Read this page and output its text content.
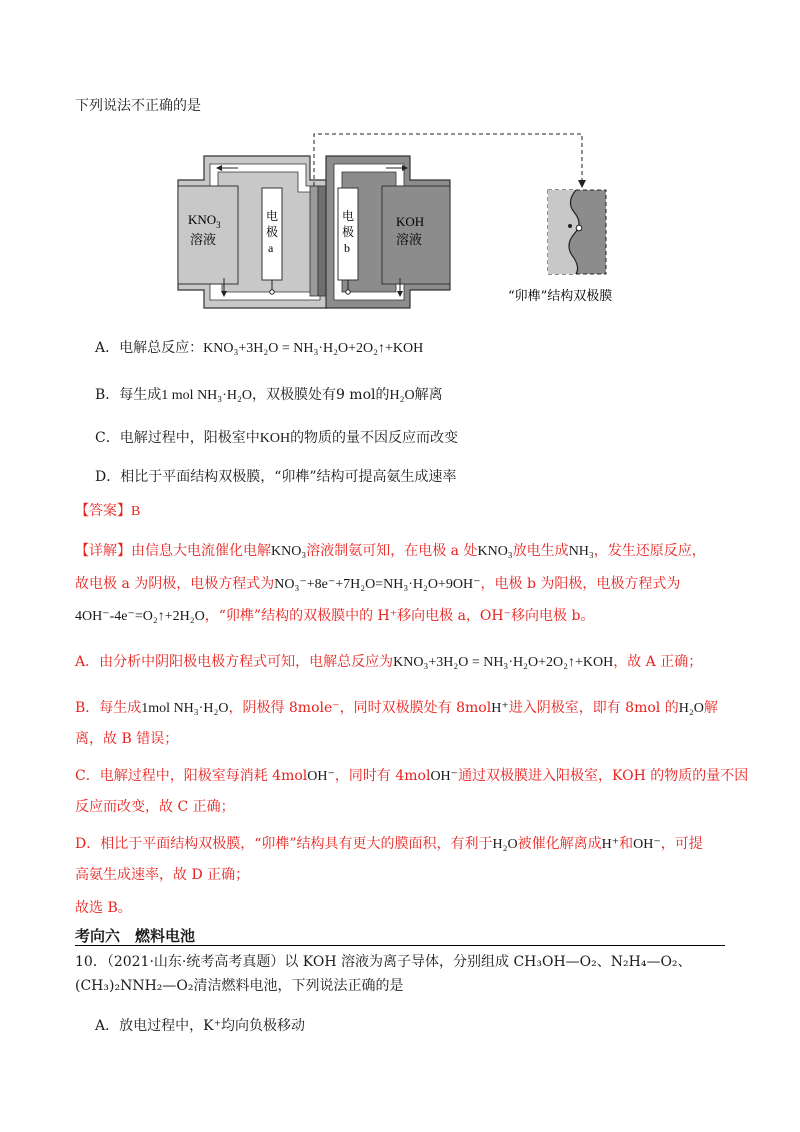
下列说法不正确的是
$KNO_3$
溶液
电
极
a
KOH
溶液
电
极
b
“卯榫”结构双极膜
A．电解总反应：KNO₃+3H₂O = NH₃·H₂O+2O₂↑+KOH
B．每生成1 mol NH₃·H₂O，双极膜处有9 mol的H₂O解离
C．电解过程中，阳极室中KOH的物质的量不因反应而改变
D．相比于平面结构双极膜，“卯榫”结构可提高氨生成速率
【答案】B
【详解】由信息大电流催化电解KNO₃溶液制氨可知，在电极 a 处KNO₃放电生成NH₃，发生还原反应，
故电极 a 为阴极，电极方程式为NO₃⁻+8e⁻+7H₂O=NH₃·H₂O+9OH⁻，电极 b 为阳极，电极方程式为
4OH⁻-4e⁻=O₂↑+2H₂O，“卯榫”结构的双极膜中的 H⁺移向电极 a，OH⁻移向电极 b。
A．由分析中阴阳极电极方程式可知，电解总反应为KNO₃+3H₂O = NH₃·H₂O+2O₂↑+KOH，故 A 正确；
B．每生成1mol NH₃·H₂O，阴极得 8mole⁻，同时双极膜处有 8molH⁺进入阴极室，即有 8mol 的H₂O解
离，故 B 错误；
C．电解过程中，阳极室每消耗 4molOH⁻，同时有 4molOH⁻通过双极膜进入阳极室，KOH 的物质的量不因
反应而改变，故 C 正确；
D．相比于平面结构双极膜，“卯榫”结构具有更大的膜面积，有利于H₂O被催化解离成H⁺和OH⁻，可提
高氨生成速率，故 D 正确；
故选 B。
考向六　燃料电池
10．（2021·山东·统考高考真题）以 KOH 溶液为离子导体，分别组成 CH₃OH—O₂、N₂H₄—O₂、
(CH₃)₂NNH₂—O₂清洁燃料电池，下列说法正确的是
A．放电过程中，K⁺均向负极移动
